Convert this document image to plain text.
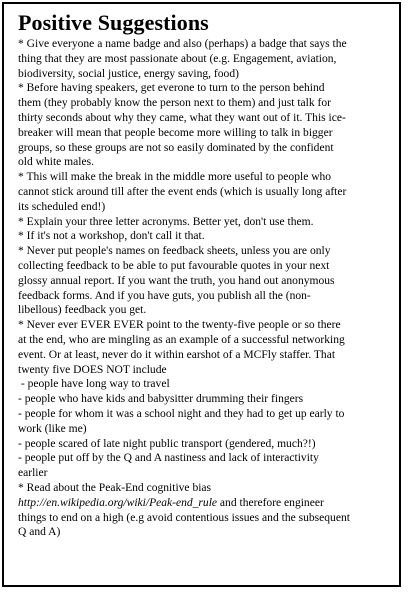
Positive Suggestions

* Give everyone a name badge and also (perhaps) a badge that says the

thing that they are most passionate about (e.g. Engagement, aviation,

biodiversity, social justice, energy saving, food)

* Before having speakers, get everone to turn to the person behind

them (they probably know the person next to them) and just talk for

thirty seconds about why they came, what they want out of it. This ice-

breaker will mean that people become more willing to talk in bigger

groups, so these groups are not so easily dominated by the confident

old white males.

* This will make the break in the middle more useful to people who

cannot stick around till after the event ends (which is usually long after

its scheduled end!)

* Explain your three letter acronyms. Better yet, don't use them.

* If it's not a workshop, don't call it that.

* Never put people's names on feedback sheets, unless you are only

collecting feedback to be able to put favourable quotes in your next

glossy annual report. If you want the truth, you hand out anonymous

feedback forms. And if you have guts, you publish all the (non-

libellous) feedback you get.

* Never ever EVER EVER point to the twenty-five people or so there

at the end, who are mingling as an example of a successful networking

event. Or at least, never do it within earshot of a MCFly staffer. That

twenty five DOES NOT include

- people have long way to travel

- people who have kids and babysitter drumming their fingers

- people for whom it was a school night and they had to get up early to

work (like me)

- people scared of late night public transport (gendered, much?!)

- people put off by the Q and A nastiness and lack of interactivity

earlier

* Read about the Peak-End cognitive bias

http://en.wikipedia.org/wiki/Peak-end_rule and therefore engineer

things to end on a high (e.g avoid contentious issues and the subsequent

Q and A)
